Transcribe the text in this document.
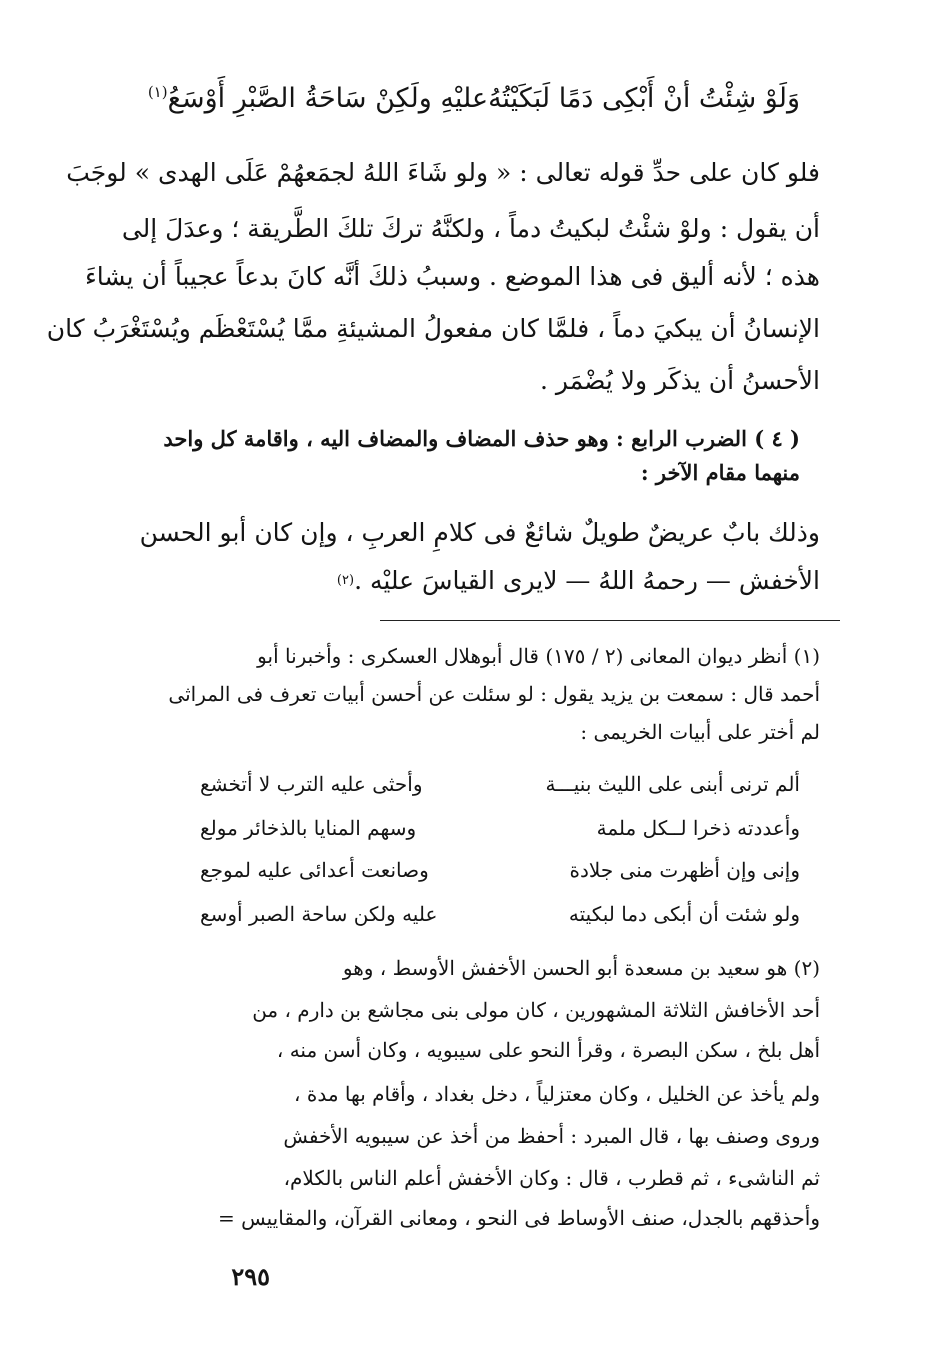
وَلَوْ شِئْتُ أنْ أَبْكِى دَمًا لَبَكَيْتُهُ
عليْهِ ولَكِنْ سَاحَةُ الصَّبْرِ أَوْسَعُ$^{(١)}$
فلو كان على حدِّ قوله تعالى : « ولو شَاءَ اللهُ لجمَعهُمْ عَلَى الهدى » لوجَبَ
أن يقول : ولوْ شئْتُ لبكيتُ دماً ، ولكنَّهُ تركَ تلكَ الطَّريقة ؛ وعدَلَ إلى
هذه ؛ لأنه أليق فى هذا الموضع . وسببُ ذلكَ أنَّه كانَ بدعاً عجيباً أن يشاءَ
الإنسانُ أن يبكيَ دماً ، فلمَّا كان مفعولُ المشيئةِ ممَّا يُسْتَعْظَم ويُسْتَغْرَبُ كان
الأحسنُ أن يذكَر ولا يُضْمَر .
( ٤ ) الضرب الرابع : وهو حذف المضاف والمضاف اليه ، واقامة كل واحد
منهما مقام الآخر :
وذلك بابٌ عريضٌ طويلٌ شائعٌ فى كلامِ العربِ ، وإن كان أبو الحسن
الأخفش — رحمهُ اللهُ — لايرى القياسَ عليْه .
(٢)
(١) أنظر ديوان المعانى (٢ / ١٧٥) قال أبوهلال العسكرى : وأخبرنا أبو
أحمد قال : سمعت بن يزيد يقول : لو سئلت عن أحسن أبيات تعرف فى المراثى
لم أختر على أبيات الخريمى :
ألم ترنى أبنى على الليث بنيـــة
وأحثى عليه الترب لا أتخشع
وأعددته ذخرا لــكل ملمة
وسهم المنايا بالذخائر مولع
وإنى وإن أظهرت منى جلادة
وصانعت أعدائى عليه لموجع
ولو شئت أن أبكى دما لبكيته
عليه ولكن ساحة الصبر أوسع
(٢) هو سعيد بن مسعدة أبو الحسن الأخفش الأوسط ، وهو
أحد الأخافش الثلاثة المشهورين ، كان مولى بنى مجاشع بن دارم ، من
أهل بلخ ، سكن البصرة ، وقرأ النحو على سيبويه ، وكان أسن منه ،
ولم يأخذ عن الخليل ، وكان معتزلياً ، دخل بغداد ، وأقام بها مدة ،
وروى وصنف بها ، قال المبرد : أحفظ من أخذ عن سيبويه الأخفش
ثم الناشىء ، ثم قطرب ، قال : وكان الأخفش أعلم الناس بالكلام،
وأحذقهم بالجدل، صنف الأوساط فى النحو ، ومعانى القرآن، والمقاييس =
٢٩٥
